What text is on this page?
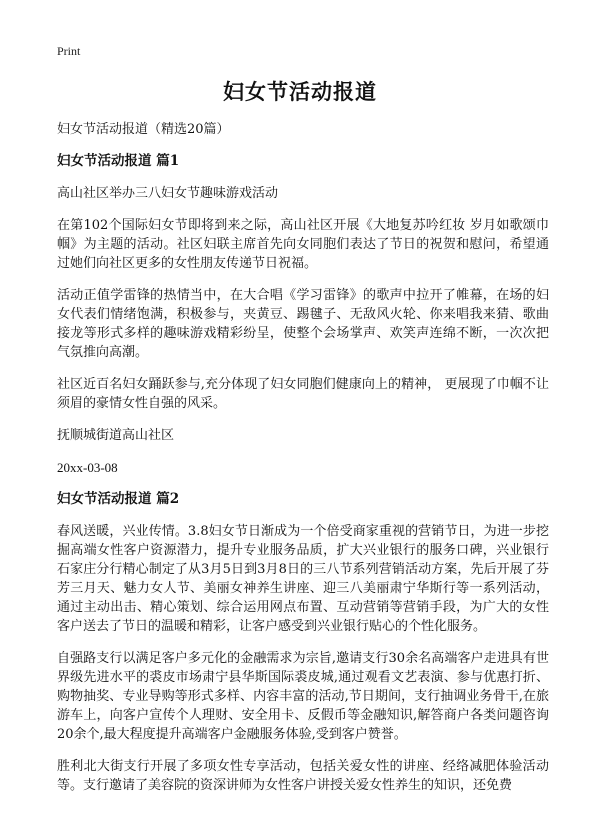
Print
妇女节活动报道

妇女节活动报道（精选20篇）

妇女节活动报道 篇1

高山社区举办三八妇女节趣味游戏活动

在第102个国际妇女节即将到来之际，高山社区开展《大地复苏吟红妆 岁月如歌颂巾帼》为主题的活动。社区妇联主席首先向女同胞们表达了节日的祝贺和慰问，希望通过她们向社区更多的女性朋友传递节日祝福。

活动正值学雷锋的热情当中，在大合唱《学习雷锋》的歌声中拉开了帷幕，在场的妇女代表们情绪饱满，积极参与，夹黄豆、踢毽子、无敌风火轮、你来唱我来猜、歌曲接龙等形式多样的趣味游戏精彩纷呈，使整个会场掌声、欢笑声连绵不断，一次次把气氛推向高潮。

社区近百名妇女踊跃参与,充分体现了妇女同胞们健康向上的精神， 更展现了巾帼不让须眉的豪情女性自强的风采。

抚顺城街道高山社区

20xx-03-08

妇女节活动报道 篇2

春风送暖，兴业传情。3.8妇女节日渐成为一个倍受商家重视的营销节日，为进一步挖掘高端女性客户资源潜力，提升专业服务品质，扩大兴业银行的服务口碑，兴业银行石家庄分行精心制定了从3月5日到3月8日的三八节系列营销活动方案，先后开展了芬芳三月天、魅力女人节、美丽女神养生讲座、迎三八美丽肃宁华斯行等一系列活动，通过主动出击、精心策划、综合运用网点布置、互动营销等营销手段，为广大的女性客户送去了节日的温暖和精彩，让客户感受到兴业银行贴心的个性化服务。

自强路支行以满足客户多元化的金融需求为宗旨,邀请支行30余名高端客户走进具有世界级先进水平的裘皮市场肃宁县华斯国际裘皮城,通过观看文艺表演、参与优惠打折、购物抽奖、专业导购等形式多样、内容丰富的活动,节日期间，支行抽调业务骨干,在旅游车上，向客户宣传个人理财、安全用卡、反假币等金融知识,解答商户各类问题咨询20余个,最大程度提升高端客户金融服务体验,受到客户赞誉。

胜利北大街支行开展了多项女性专享活动，包括关爱女性的讲座、经络减肥体验活动等。支行邀请了美容院的资深讲师为女性客户讲授关爱女性养生的知识，还免费
